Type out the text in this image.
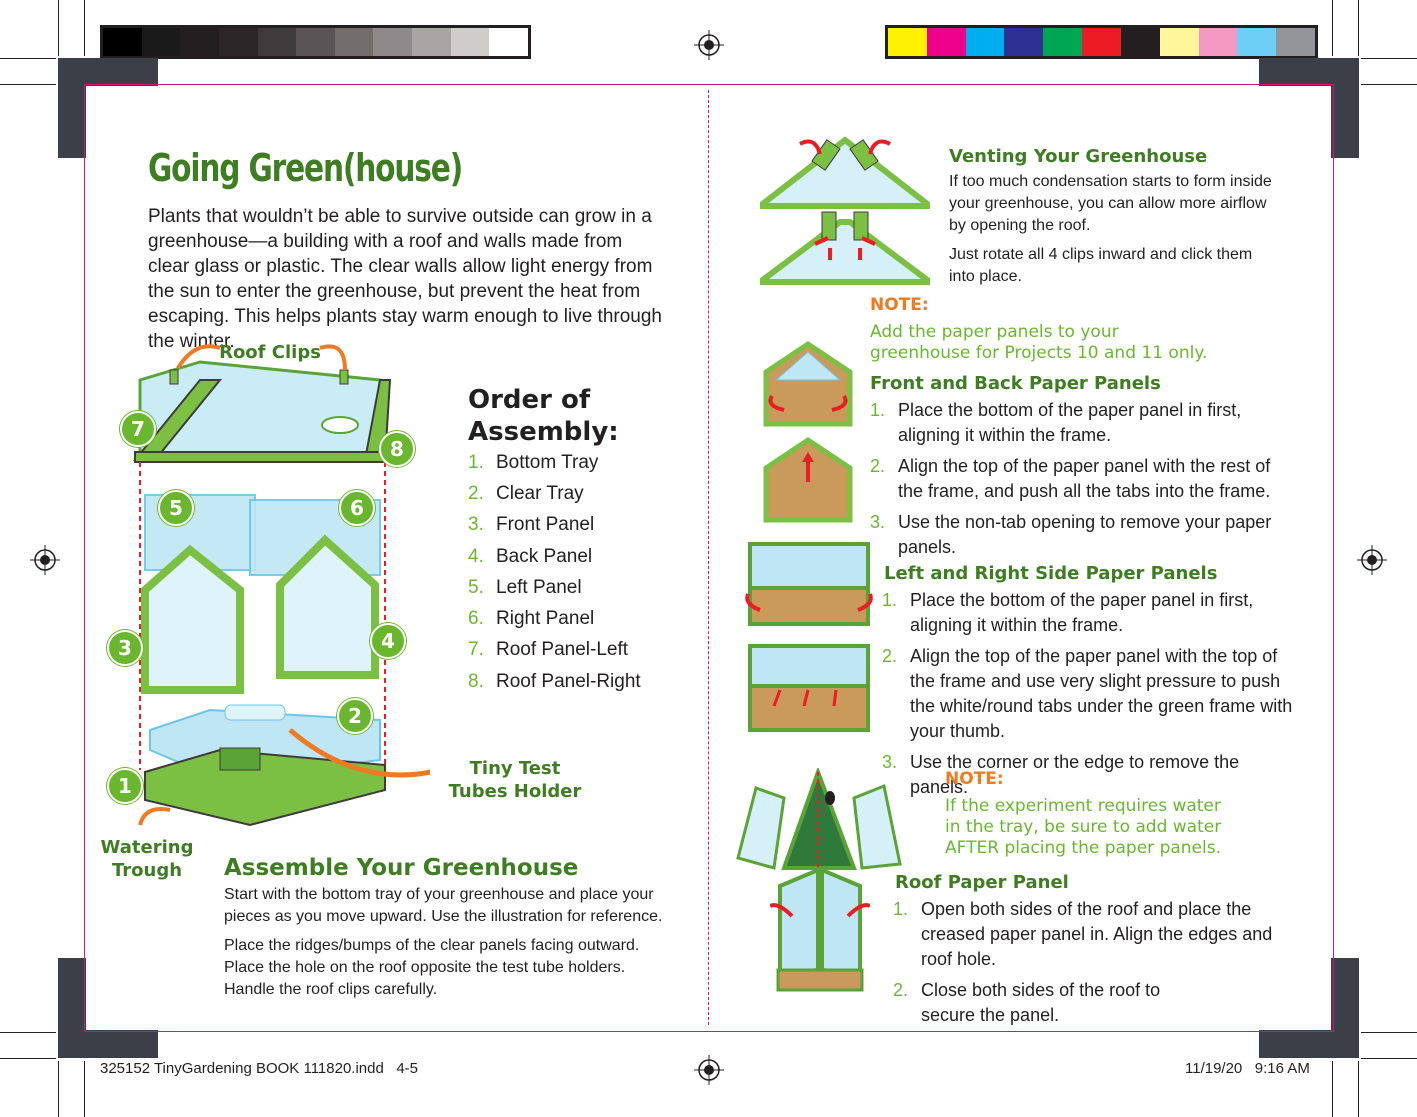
Going Green(house)
Plants that wouldn’t be able to survive outside can grow in a greenhouse—a building with a roof and walls made from clear glass or plastic. The clear walls allow light energy from the sun to enter the greenhouse, but prevent the heat from escaping. This helps plants stay warm enough to live through the winter.
Roof Clips
Tiny Test Tubes Holder
Watering Trough
1
2
3	4
5	6
7
8
Order of Assembly:
1. Bottom Tray
2. Clear Tray
3. Front Panel
4. Back Panel
5. Left Panel
6. Right Panel
7. Roof Panel-Left
8. Roof Panel-Right
Assemble Your Greenhouse
Start with the bottom tray of your greenhouse and place your pieces as you move upward. Use the illustration for reference.
Place the ridges/bumps of the clear panels facing outward. Place the hole on the roof opposite the test tube holders. Handle the roof clips carefully.
4
Venting Your Greenhouse
If too much condensation starts to form inside your greenhouse, you can allow more airflow by opening the roof.
Just rotate all 4 clips inward and click them into place.
NOTE:
Add the paper panels to your greenhouse for Projects 10 and 11 only.
Front and Back Paper Panels
1. Place the bottom of the paper panel in first, aligning it within the frame.
2. Align the top of the paper panel with the rest of the frame, and push all the tabs into the frame.
3. Use the non-tab opening to remove your paper panels.
Left and Right Side Paper Panels
1. Place the bottom of the paper panel in first, aligning it within the frame.
2. Align the top of the paper panel with the top of the frame and use very slight pressure to push the white/round tabs under the green frame with your thumb.
3. Use the corner or the edge to remove the panels.
NOTE:
If the experiment requires water in the tray, be sure to add water AFTER placing the paper panels.
Roof Paper Panel
1. Open both sides of the roof and place the creased paper panel in. Align the edges and roof hole.
2. Close both sides of the roof to secure the panel.
5
325152 TinyGardening BOOK 111820.indd   4-5	11/19/20   9:16 AM
